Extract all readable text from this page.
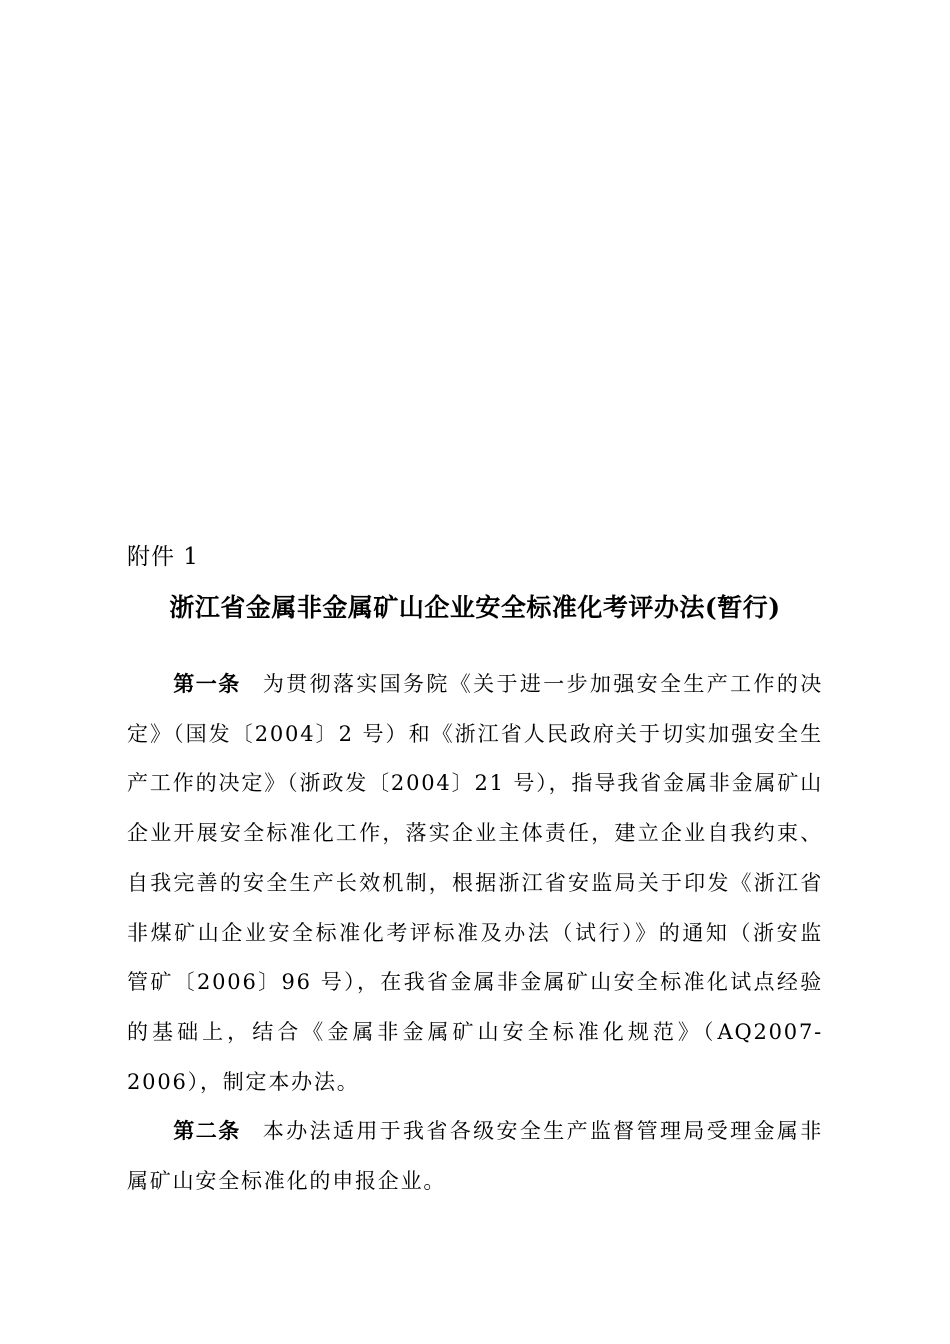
附件 1
浙江省金属非金属矿山企业安全标准化考评办法(暂行)

第一条 为贯彻落实国务院《关于进一步加强安全生产工作的决定》（国发〔2004〕2 号）和《浙江省人民政府关于切实加强安全生产工作的决定》（浙政发〔2004〕21 号），指导我省金属非金属矿山企业开展安全标准化工作，落实企业主体责任，建立企业自我约束、自我完善的安全生产长效机制，根据浙江省安监局关于印发《浙江省非煤矿山企业安全标准化考评标准及办法（试行）》的通知（浙安监管矿〔2006〕96 号），在我省金属非金属矿山安全标准化试点经验的基础上，结合《金属非金属矿山安全标准化规范》（AQ2007-2006），制定本办法。

第二条 本办法适用于我省各级安全生产监督管理局受理金属非属矿山安全标准化的申报企业。
